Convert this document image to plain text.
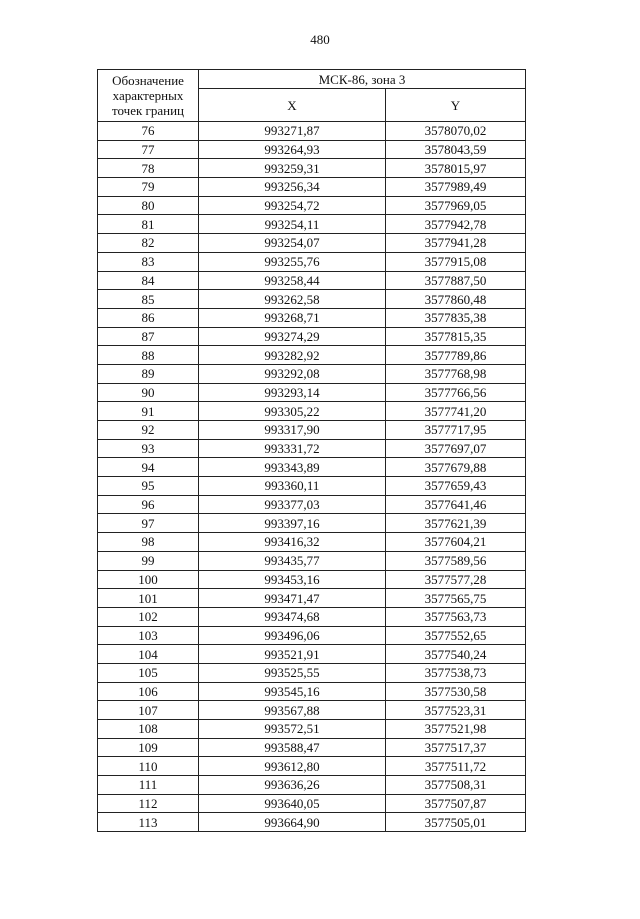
480
Обозначение
характерных
точек границ	МСК-86, зона 3	
	X	Y
76	993271,87	3578070,02
77	993264,93	3578043,59
78	993259,31	3578015,97
79	993256,34	3577989,49
80	993254,72	3577969,05
81	993254,11	3577942,78
82	993254,07	3577941,28
83	993255,76	3577915,08
84	993258,44	3577887,50
85	993262,58	3577860,48
86	993268,71	3577835,38
87	993274,29	3577815,35
88	993282,92	3577789,86
89	993292,08	3577768,98
90	993293,14	3577766,56
91	993305,22	3577741,20
92	993317,90	3577717,95
93	993331,72	3577697,07
94	993343,89	3577679,88
95	993360,11	3577659,43
96	993377,03	3577641,46
97	993397,16	3577621,39
98	993416,32	3577604,21
99	993435,77	3577589,56
100	993453,16	3577577,28
101	993471,47	3577565,75
102	993474,68	3577563,73
103	993496,06	3577552,65
104	993521,91	3577540,24
105	993525,55	3577538,73
106	993545,16	3577530,58
107	993567,88	3577523,31
108	993572,51	3577521,98
109	993588,47	3577517,37
110	993612,80	3577511,72
111	993636,26	3577508,31
112	993640,05	3577507,87
113	993664,90	3577505,01
